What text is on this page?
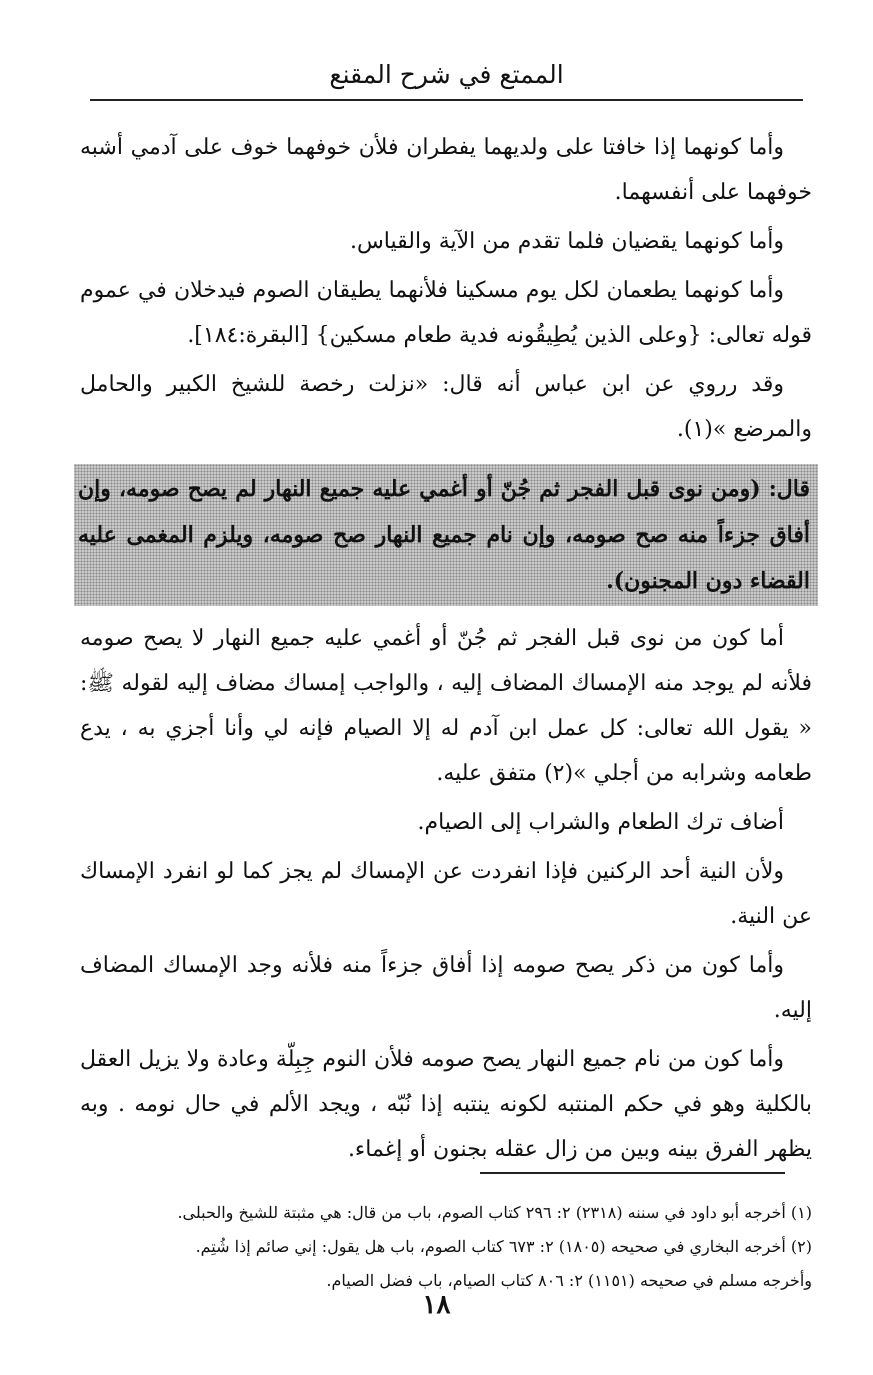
الممتع في شرح المقنع

وأما كونهما إذا خافتا على ولديهما يفطران فلأن خوفهما خوف على آدمي أشبه خوفهما على أنفسهما.

وأما كونهما يقضيان فلما تقدم من الآية والقياس.

وأما كونهما يطعمان لكل يوم مسكينا فلأنهما يطيقان الصوم فيدخلان في عموم قوله تعالى: {وعلى الذين يُطِيقُونه فدية طعام مسكين} [البقرة:١٨٤].

وقد رروي عن ابن عباس أنه قال: «نزلت رخصة للشيخ الكبير والحامل والمرضع »(١).

قال: (ومن نوى قبل الفجر ثم جُنّ أو أغمي عليه جميع النهار لم يصح صومه، وإن أفاق جزءاً منه صح صومه، وإن نام جميع النهار صح صومه، ويلزم المغمى عليه القضاء دون المجنون).

أما كون من نوى قبل الفجر ثم جُنّ أو أغمي عليه جميع النهار لا يصح صومه فلأنه لم يوجد منه الإمساك المضاف إليه ، والواجب إمساك مضاف إليه لقوله ﷺ: « يقول الله تعالى: كل عمل ابن آدم له إلا الصيام فإنه لي وأنا أجزي به ، يدع طعامه وشرابه من أجلي »(٢) متفق عليه.

أضاف ترك الطعام والشراب إلى الصيام.

ولأن النية أحد الركنين فإذا انفردت عن الإمساك لم يجز كما لو انفرد الإمساك عن النية.

وأما كون من ذكر يصح صومه إذا أفاق جزءاً منه فلأنه وجد الإمساك المضاف إليه.

وأما كون من نام جميع النهار يصح صومه فلأن النوم جِبِلّة وعادة ولا يزيل العقل بالكلية وهو في حكم المنتبه لكونه ينتبه إذا نُبّه ، ويجد الألم في حال نومه . وبه يظهر الفرق بينه وبين من زال عقله بجنون أو إغماء.

(١) أخرجه أبو داود في سننه (٢٣١٨) ٢: ٢٩٦ كتاب الصوم، باب من قال: هي مثبتة للشيخ والحبلى.

(٢) أخرجه البخاري في صحيحه (١٨٠٥) ٢: ٦٧٣ كتاب الصوم، باب هل يقول: إني صائم إذا شُتِم.

وأخرجه مسلم في صحيحه (١١٥١) ٢: ٨٠٦ كتاب الصيام، باب فضل الصيام.

١٨
